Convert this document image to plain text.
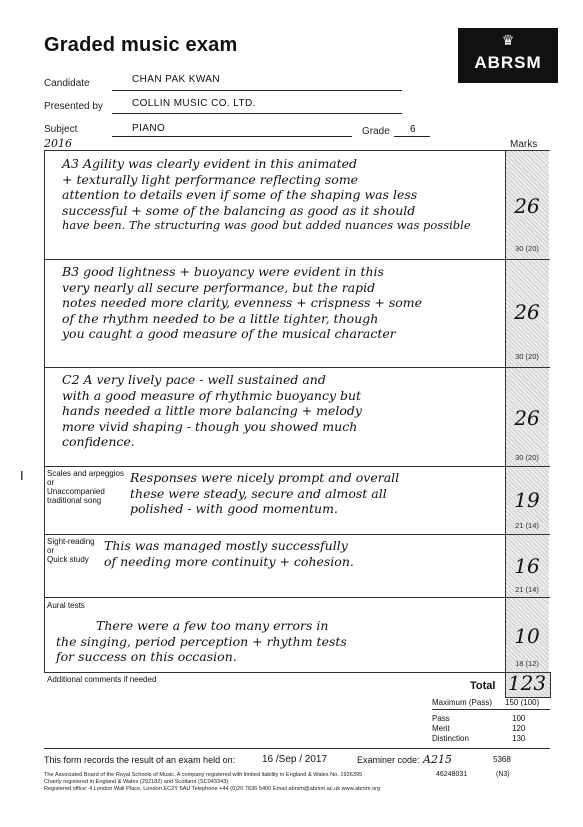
Graded music exam	♛
ABRSM
Candidate	CHAN PAK KWAN
Presented by	COLLIN MUSIC CO. LTD.
Subject	PIANO	Grade 6
2016	Marks
A3 Agility was clearly evident in this animated
+ texturally light performance reflecting some
attention to details even if some of the shaping was less
successful + some of the balancing as good as it should
have been. The structuring was good but added nuances was possible
26
30 (20)
B3 good lightness + buoyancy were evident in this
very nearly all secure performance, but the rapid
notes needed more clarity, evenness + crispness + some
of the rhythm needed to be a little tighter, though
you caught a good measure of the musical character
26
30 (20)
C2 A very lively pace - well sustained and
with a good measure of rhythmic buoyancy but
hands needed a little more balancing + melody
more vivid shaping - though you showed much
confidence.
26
30 (20)
I	Scales and arpeggios
or
Unaccompanied
traditional song
Responses were nicely prompt and overall
these were steady, secure and almost all
polished - with good momentum.	19
21 (14)
Sight-reading
or
Quick study
This was managed mostly successfully
of needing more continuity + cohesion.	16
21 (14)
Aural tests
There were a few too many errors in
the singing, period perception + rhythm tests
for success on this occasion.
10
18 (12)
Additional comments if needed
Total 123
Maximum (Pass) 150 (100)
Pass	100
Merit	120
Distinction	130
This form records the result of an exam held on:	16 /Sep / 2017	Examiner code: A215	5368
The Associated Board of the Royal Schools of Music. A company registered with limited liability in England & Wales No. 1926395
Charity registered in England & Wales (292182) and Scotland (SC043343)
Registered office: 4 London Wall Place, London EC2Y 5AU Telephone +44 (0)20 7636 5400 Email abrsm@abrsm.ac.uk www.abrsm.org
46248031	(N3)
